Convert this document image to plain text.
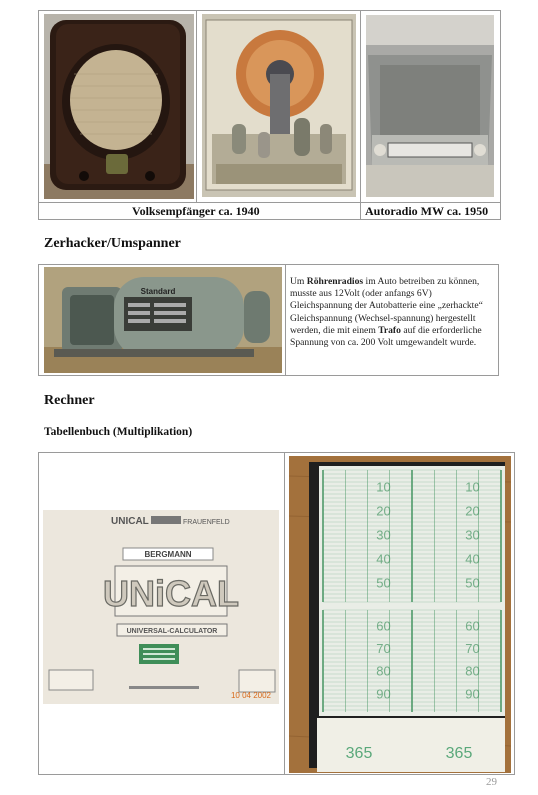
Volksempfänger ca. 1940	Autoradio MW ca. 1950
Zerhacker/Umspanner
Standard
Um Röhrenradios im Auto betreiben zu können, musste aus 12Volt (oder anfangs 6V) Gleichspannung der Autobatterie eine „zerhackte“ Gleichspannung (Wechsel-spannung) hergestellt werden, die mit einem Trafo auf die erforderliche Spannung von ca. 200 Volt umgewandelt wurde.
Rechner
Tabellenbuch (Multiplikation)
UNICAL	FRAUENFELD
BERGMANN
UNiCAL
UNIVERSAL-CALCULATOR
10 04 2002
10	10
20	20
30	30
40	40
50	50
60	60
70	70
80	80
90	90
365	365
29
